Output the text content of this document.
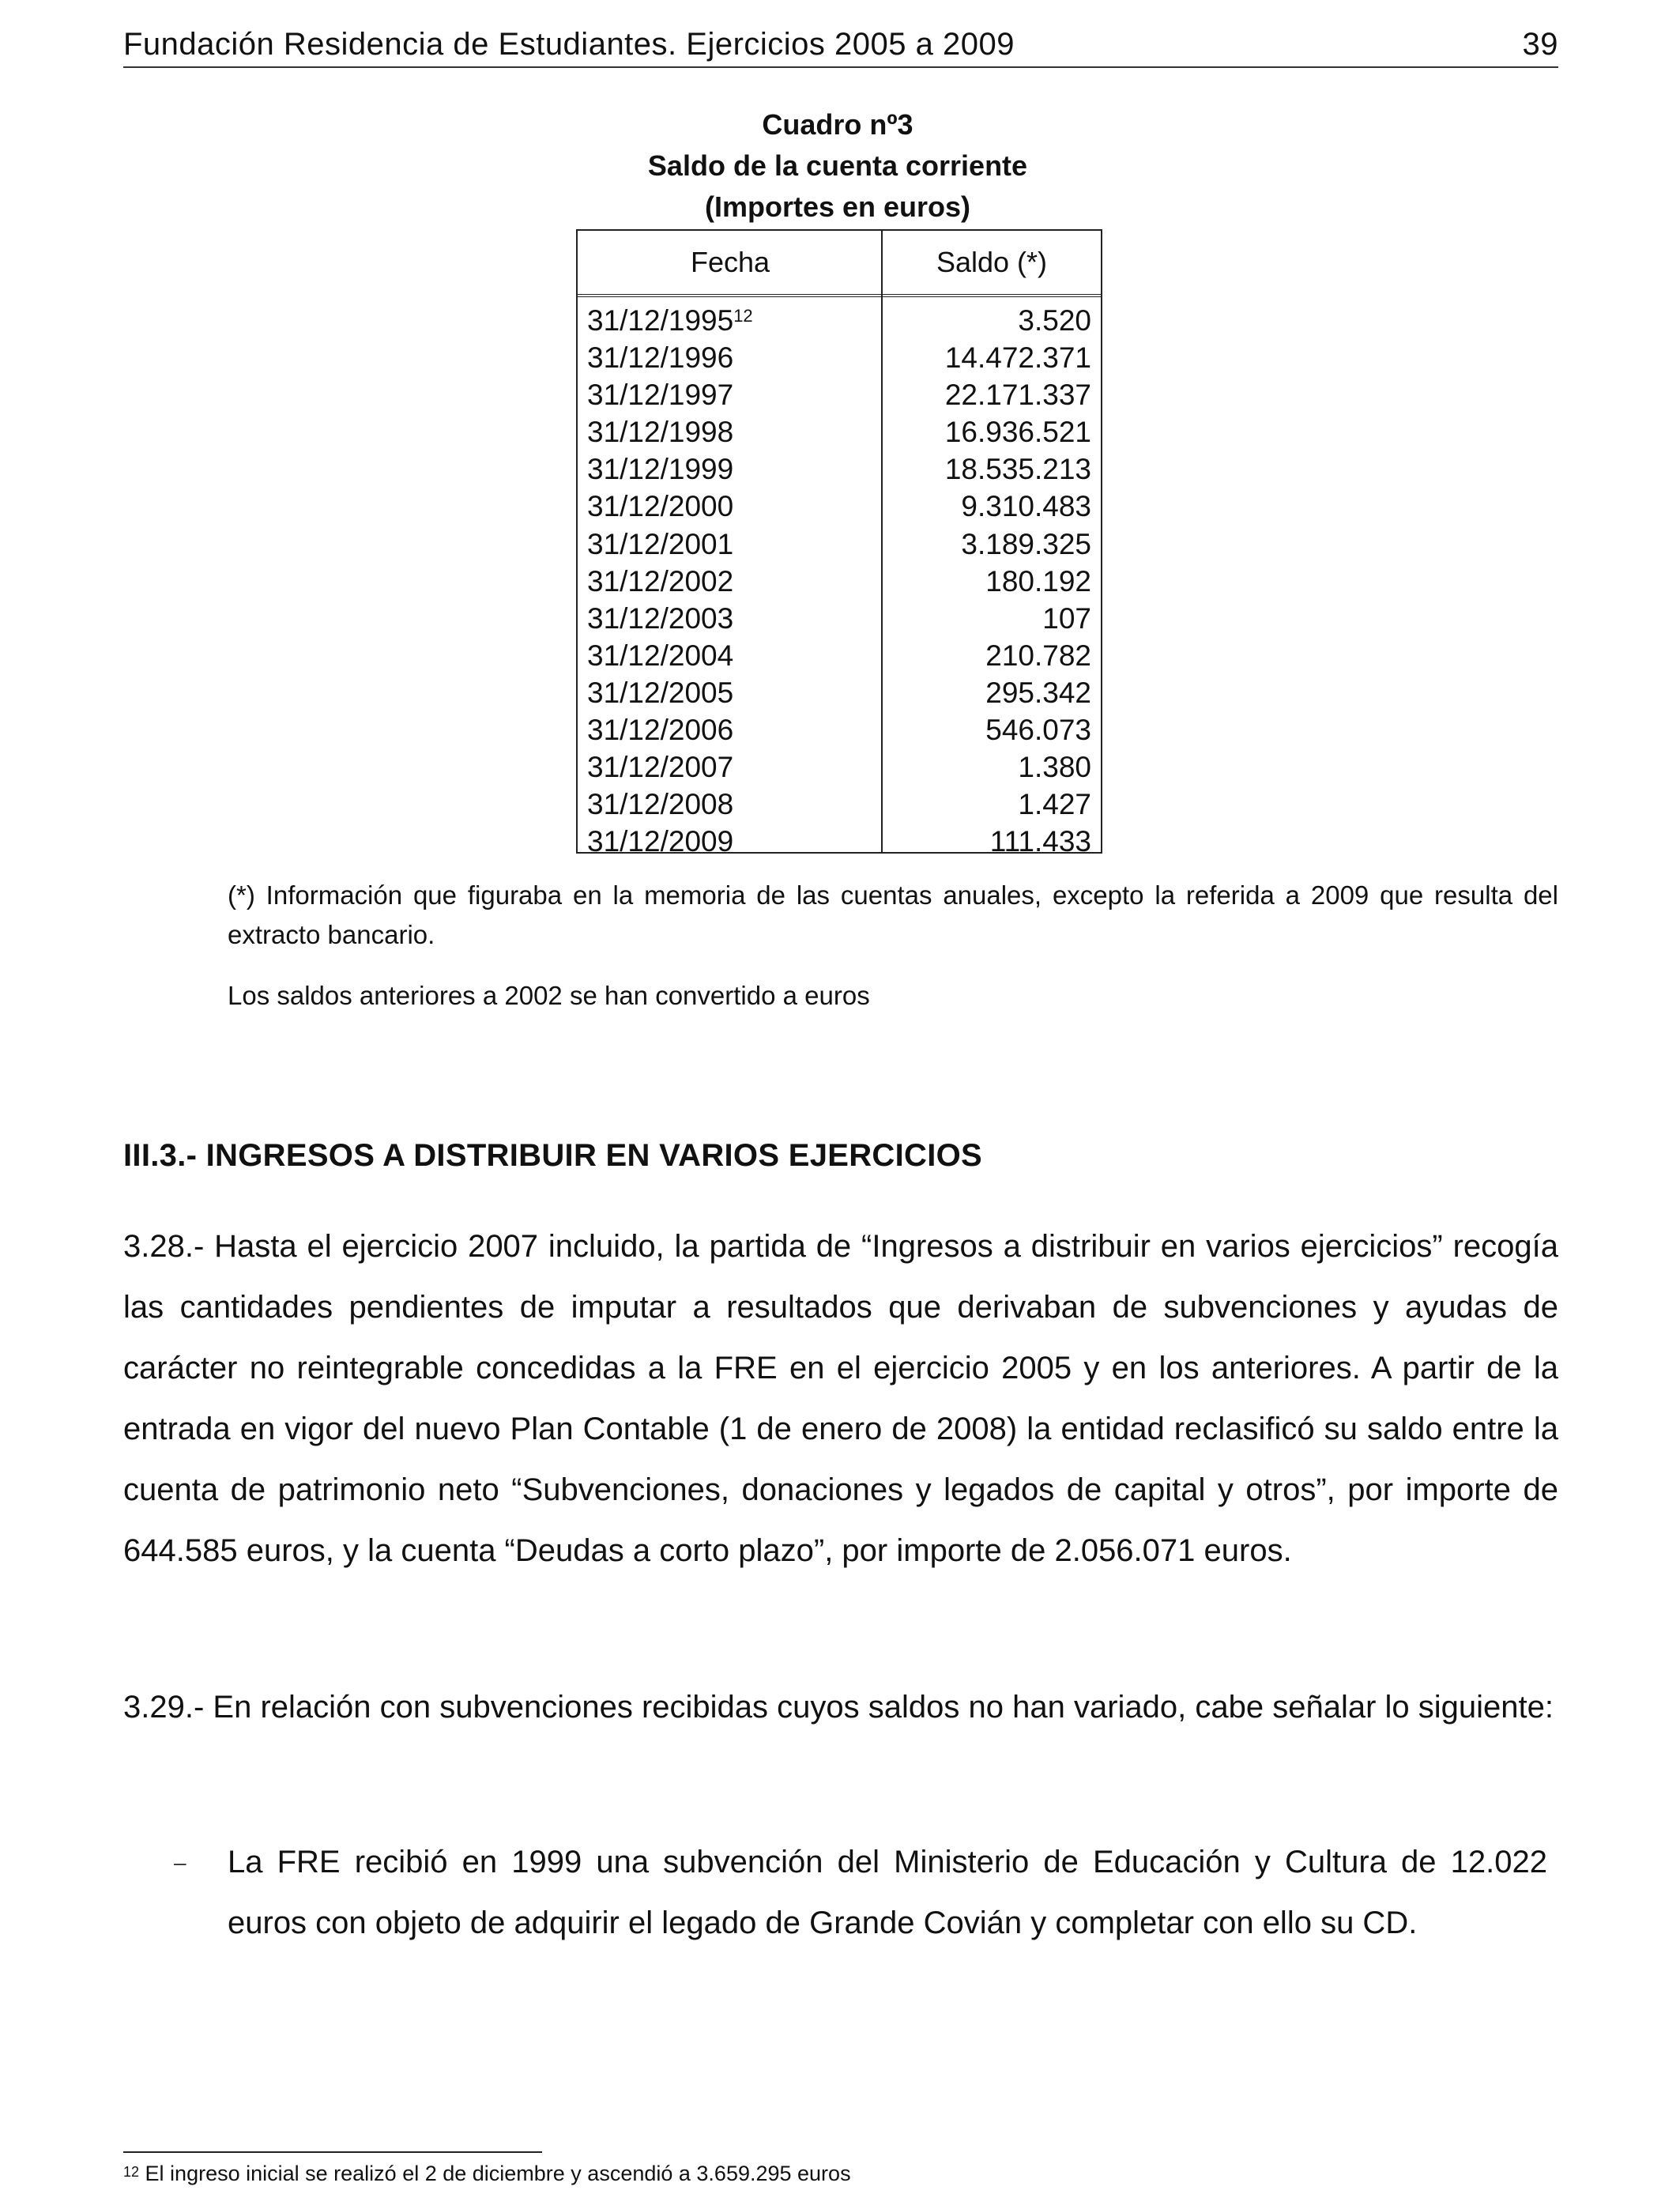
Fundación Residencia de Estudiantes. Ejercicios 2005 a 2009	39
Cuadro nº3
Saldo de la cuenta corriente
(Importes en euros)
Fecha	Saldo (*)
31/12/1995$^{12}$	3.520
31/12/1996	14.472.371
31/12/1997	22.171.337
31/12/1998	16.936.521
31/12/1999	18.535.213
31/12/2000	9.310.483
31/12/2001	3.189.325
31/12/2002	180.192
31/12/2003	107
31/12/2004	210.782
31/12/2005	295.342
31/12/2006	546.073
31/12/2007	1.380
31/12/2008	1.427
31/12/2009	111.433
(*) Información que figuraba en la memoria de las cuentas anuales, excepto la referida a 2009 que resulta del extracto bancario.
Los saldos anteriores a 2002 se han convertido a euros
III.3.- INGRESOS A DISTRIBUIR EN VARIOS EJERCICIOS
3.28.- Hasta el ejercicio 2007 incluido, la partida de “Ingresos a distribuir en varios ejercicios” recogía las cantidades pendientes de imputar a resultados que derivaban de subvenciones y ayudas de carácter no reintegrable concedidas a la FRE en el ejercicio 2005 y en los anteriores. A partir de la entrada en vigor del nuevo Plan Contable (1 de enero de 2008) la entidad reclasificó su saldo entre la cuenta de patrimonio neto “Subvenciones, donaciones y legados de capital y otros”, por importe de 644.585 euros, y la cuenta “Deudas a corto plazo”, por importe de 2.056.071 euros.
3.29.- En relación con subvenciones recibidas cuyos saldos no han variado, cabe señalar lo siguiente:
– La FRE recibió en 1999 una subvención del Ministerio de Educación y Cultura de 12.022 euros con objeto de adquirir el legado de Grande Covián y completar con ello su CD.
$^{12}$ El ingreso inicial se realizó el 2 de diciembre y ascendió a 3.659.295 euros
